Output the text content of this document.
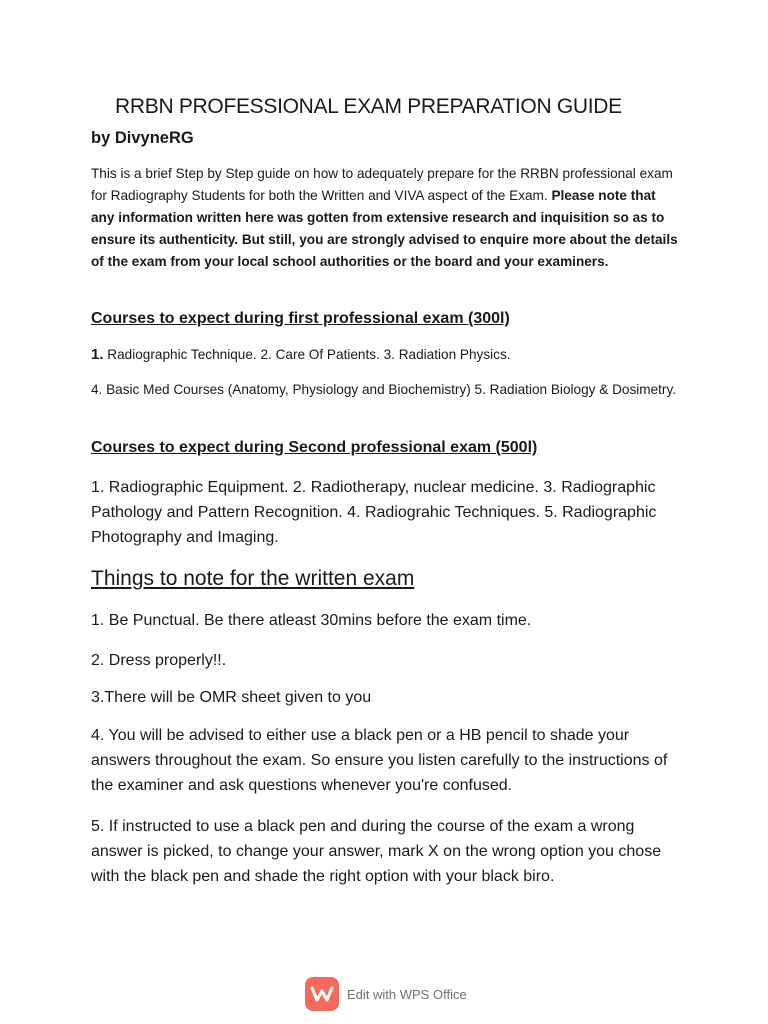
RRBN PROFESSIONAL EXAM PREPARATION GUIDE

by DivyneRG

This is a brief Step by Step guide on how to adequately prepare for the RRBN professional exam for Radiography Students for both the Written and VIVA aspect of the Exam. Please note that any information written here was gotten from extensive research and inquisition so as to ensure its authenticity. But still, you are strongly advised to enquire more about the details of the exam from your local school authorities or the board and your examiners.

Courses to expect during first professional exam (300l)

1. Radiographic Technique. 2. Care Of Patients. 3. Radiation Physics.

4. Basic Med Courses (Anatomy, Physiology and Biochemistry) 5. Radiation Biology & Dosimetry.

Courses to expect during Second professional exam (500l)

1. Radiographic Equipment. 2. Radiotherapy, nuclear medicine. 3. Radiographic Pathology and Pattern Recognition. 4. Radiograhic Techniques. 5. Radiographic Photography and Imaging.

Things to note for the written exam

1. Be Punctual. Be there atleast 30mins before the exam time.

2. Dress properly!!.

3.There will be OMR sheet given to you

4. You will be advised to either use a black pen or a HB pencil to shade your answers throughout the exam. So ensure you listen carefully to the instructions of the examiner and ask questions whenever you're confused.

5. If instructed to use a black pen and during the course of the exam a wrong answer is picked, to change your answer, mark X on the wrong option you chose with the black pen and shade the right option with your black biro.

Edit with WPS Office
